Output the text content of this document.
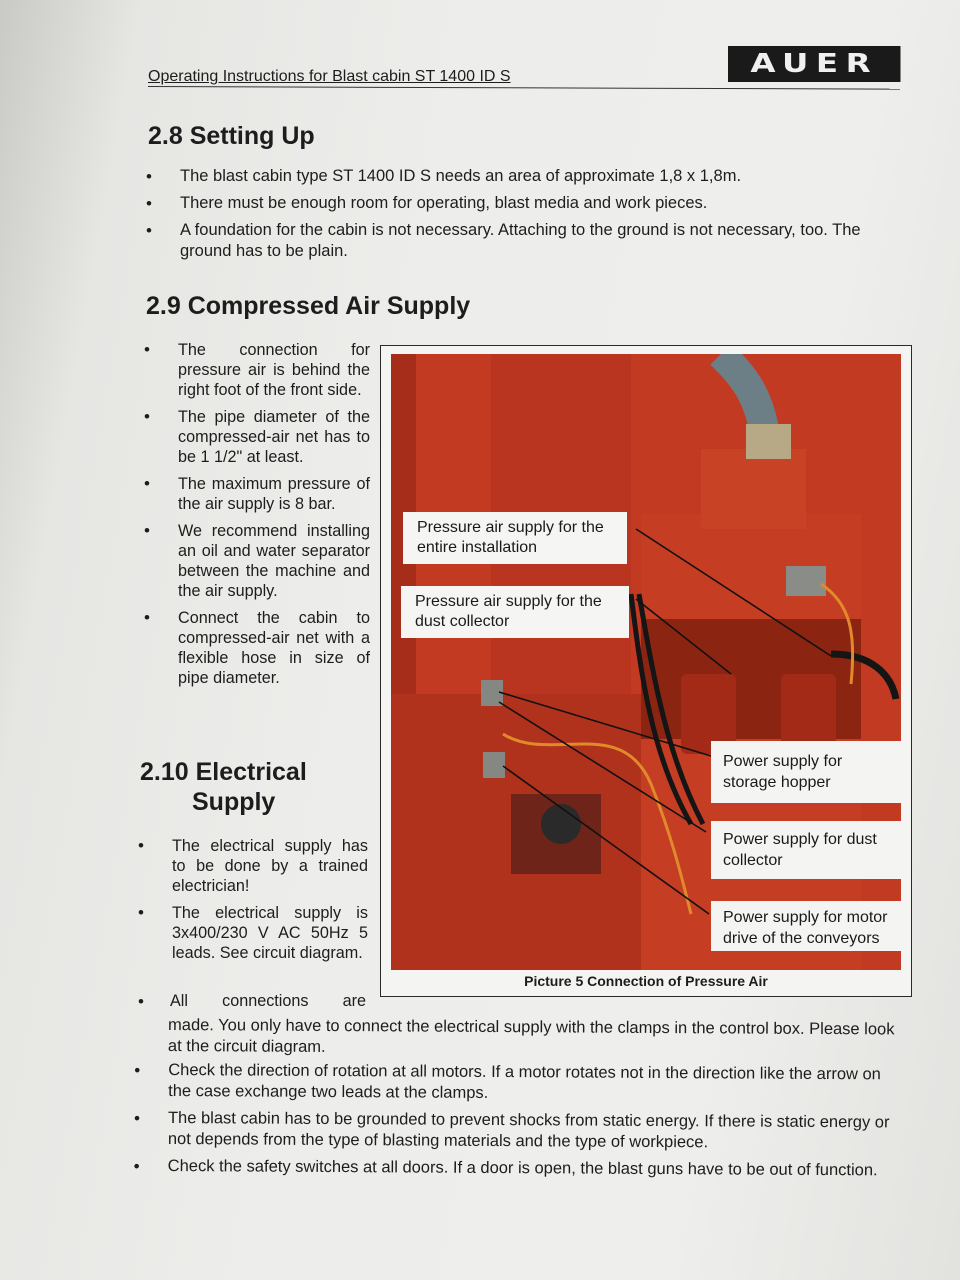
Operating Instructions for Blast cabin ST 1400 ID S	AUER
2.8 Setting Up
• The blast cabin type ST 1400 ID S needs an area of approximate 1,8 x 1,8m.
• There must be enough room for operating, blast media and work pieces.
• A foundation for the cabin is not necessary. Attaching to the ground is not necessary, too. The ground has to be plain.
2.9 Compressed Air Supply
• The connection for pressure air is behind the right foot of the front side.
• The pipe diameter of the compressed-air net has to be 1 1/2" at least.
• The maximum pressure of the air supply is 8 bar.
• We recommend installing an oil and water separator between the machine and the air supply.
• Connect the cabin to compressed-air net with a flexible hose in size of pipe diameter.
2.10 Electrical
Supply
• The electrical supply has to be done by a trained electrician!
• The electrical supply is 3x400/230 V AC 50Hz 5 leads. See circuit diagram.
• All connections are
made. You only have to connect the electrical supply with the clamps in the control box. Please look at the circuit diagram.
• Check the direction of rotation at all motors. If a motor rotates not in the direction like the arrow on the case exchange two leads at the clamps.
• The blast cabin has to be grounded to prevent shocks from static energy. If there is static energy or not depends from the type of blasting materials and the type of workpiece.
• Check the safety switches at all doors. If a door is open, the blast guns have to be out of function.
Pressure air supply for the entire installation
Pressure air supply for the dust collector
Power supply for storage hopper
Power supply for dust collector
Power supply for motor drive of the conveyors
Picture 5 Connection of Pressure Air
